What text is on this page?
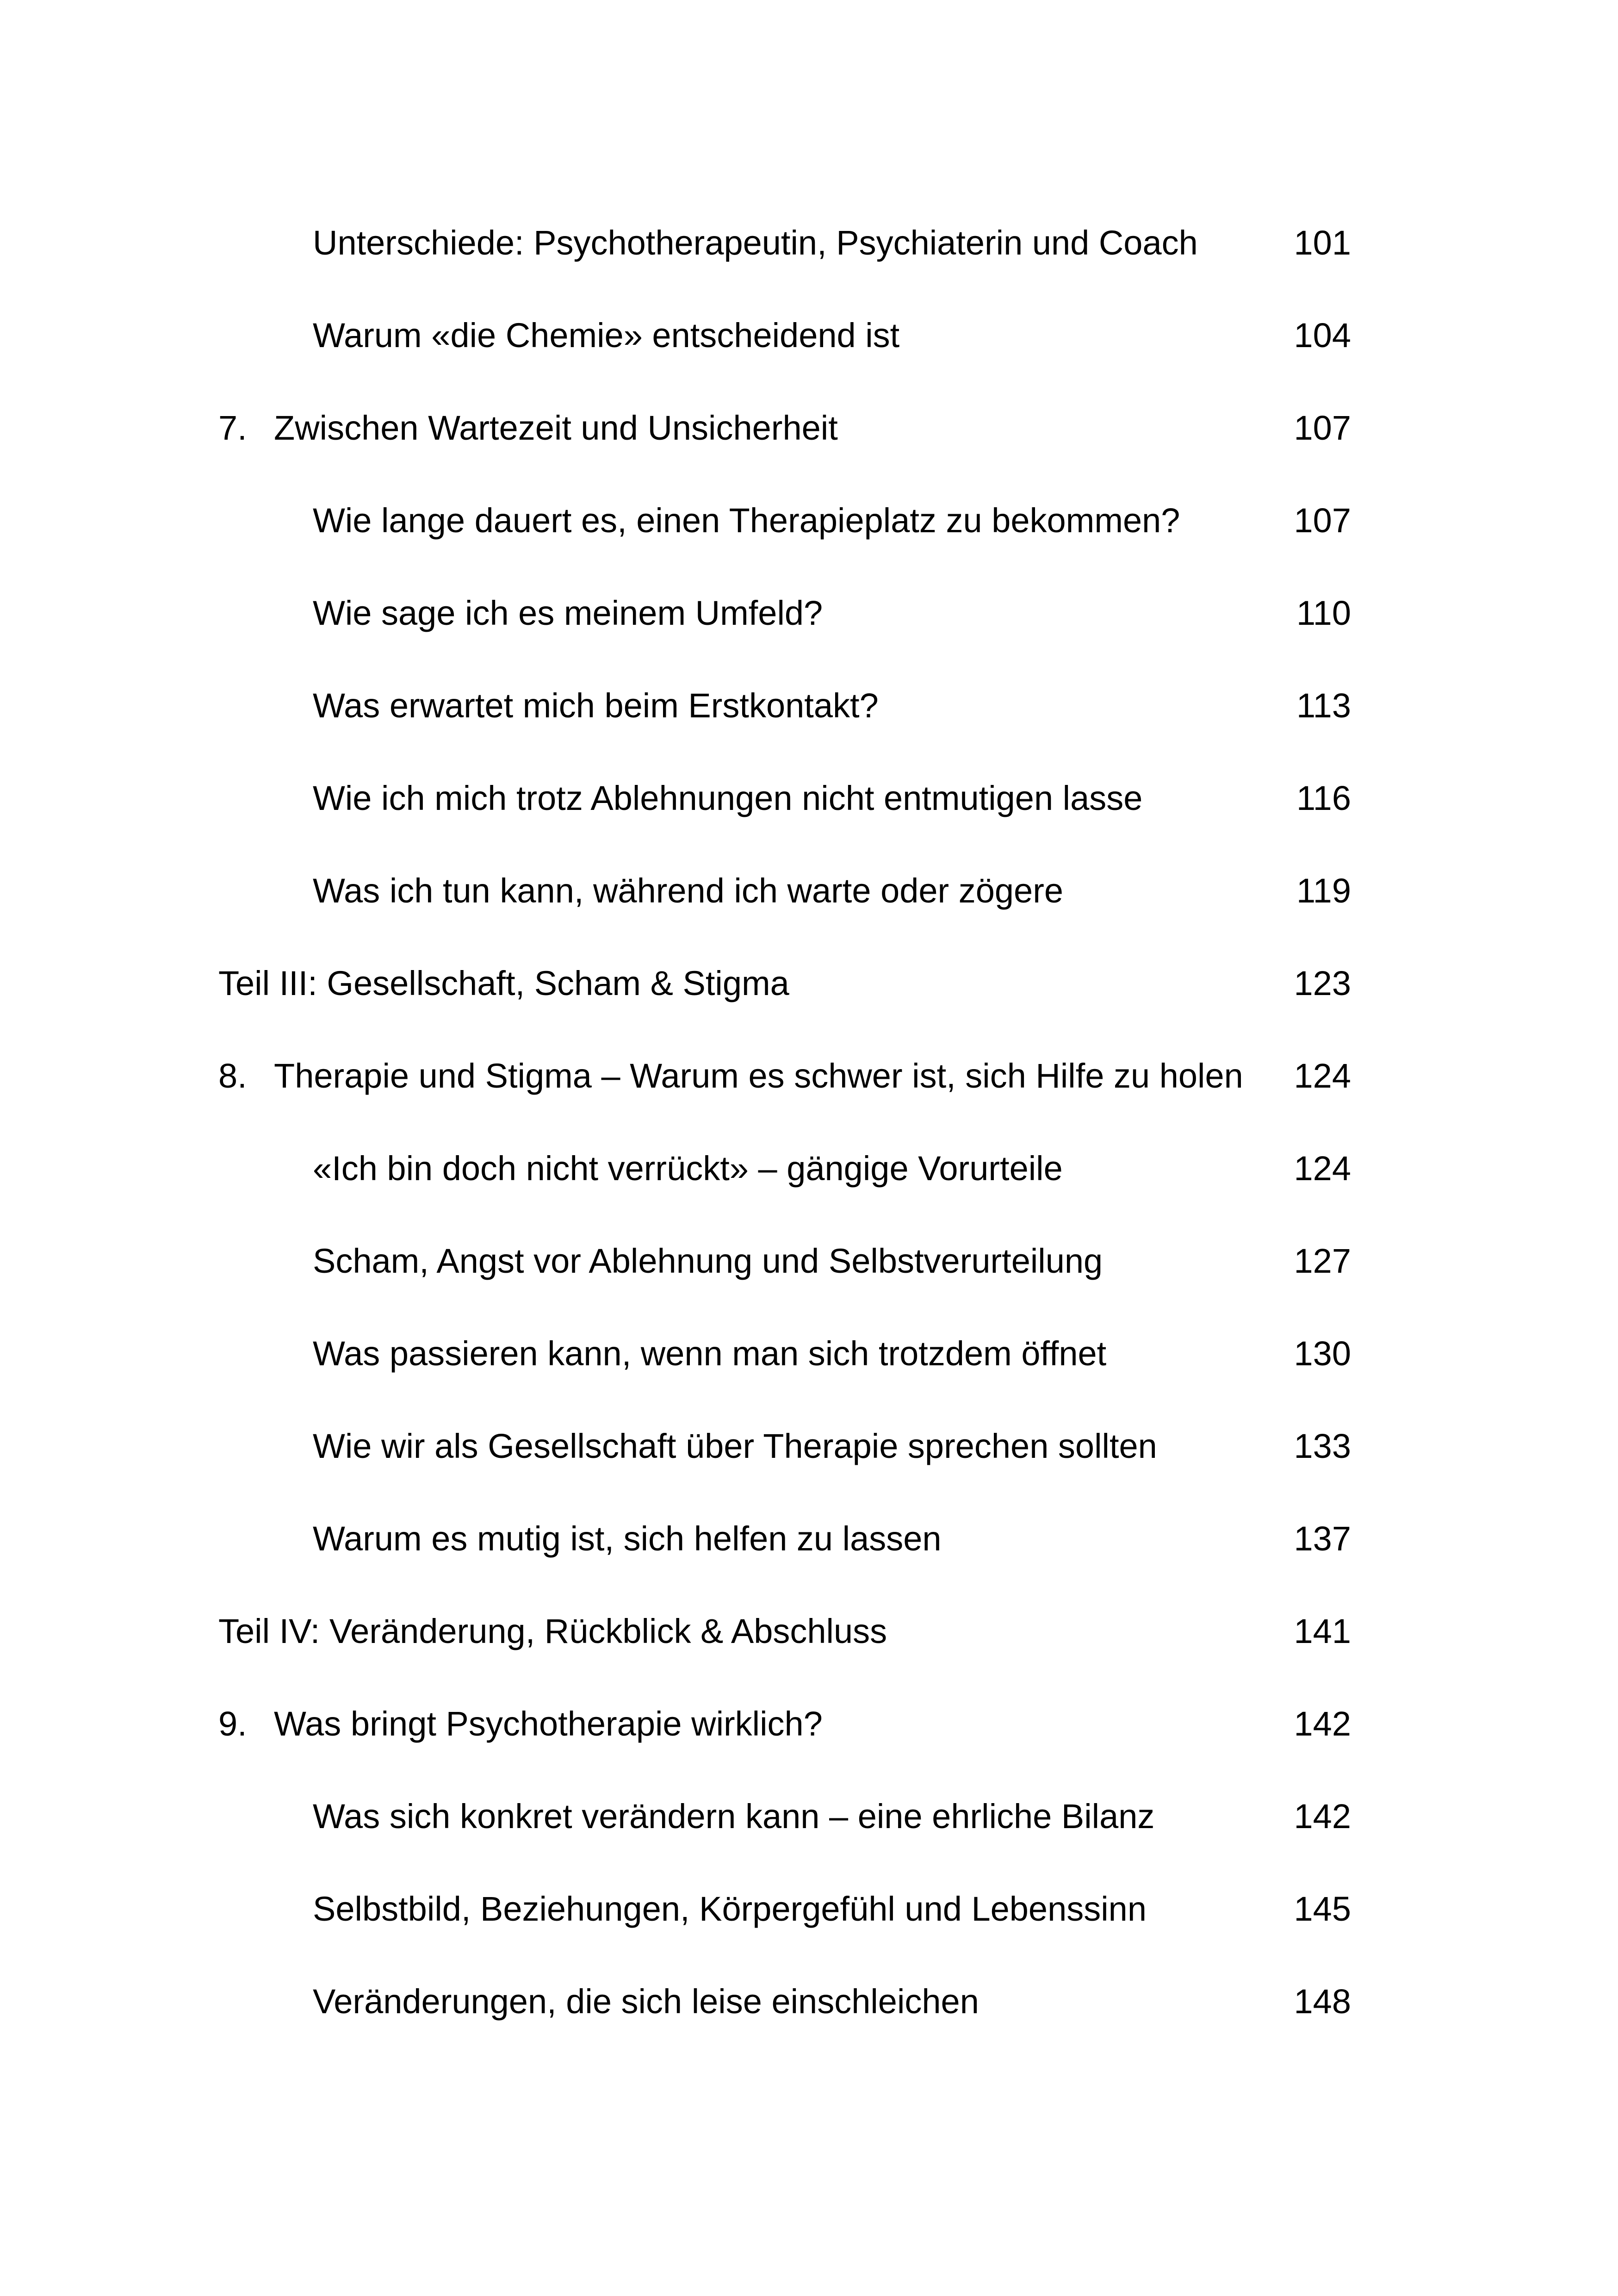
Unterschiede: Psychotherapeutin, Psychiaterin und Coach	101
Warum «die Chemie» entscheidend ist	104
7. Zwischen Wartezeit und Unsicherheit	107
Wie lange dauert es, einen Therapieplatz zu bekommen?	107
Wie sage ich es meinem Umfeld?	110
Was erwartet mich beim Erstkontakt?	113
Wie ich mich trotz Ablehnungen nicht entmutigen lasse	116
Was ich tun kann, während ich warte oder zögere	119
Teil III: Gesellschaft, Scham & Stigma	123
8. Therapie und Stigma – Warum es schwer ist, sich Hilfe zu holen	124
«Ich bin doch nicht verrückt» – gängige Vorurteile	124
Scham, Angst vor Ablehnung und Selbstverurteilung	127
Was passieren kann, wenn man sich trotzdem öffnet	130
Wie wir als Gesellschaft über Therapie sprechen sollten	133
Warum es mutig ist, sich helfen zu lassen	137
Teil IV: Veränderung, Rückblick & Abschluss	141
9. Was bringt Psychotherapie wirklich?	142
Was sich konkret verändern kann – eine ehrliche Bilanz	142
Selbstbild, Beziehungen, Körpergefühl und Lebenssinn	145
Veränderungen, die sich leise einschleichen	148
